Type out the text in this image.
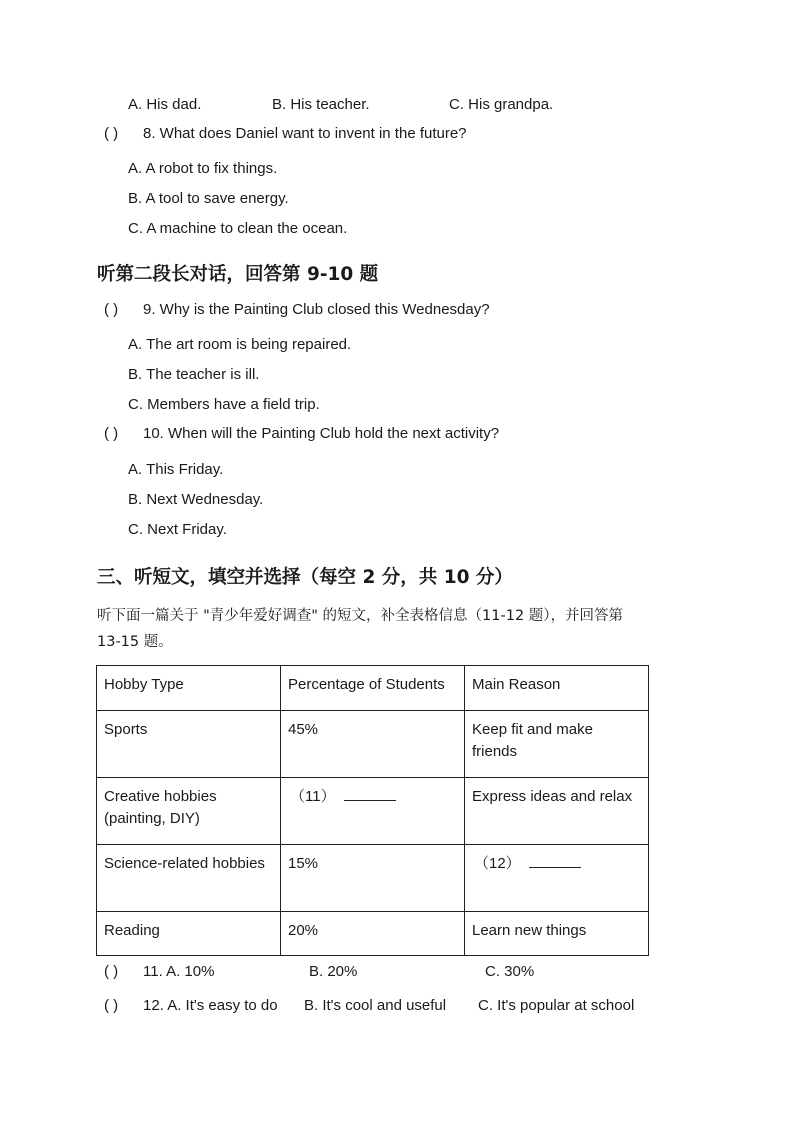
A. His dad.	B. His teacher.	C. His grandpa.
( ) 8. What does Daniel want to invent in the future?
A. A robot to fix things.
B. A tool to save energy.
C. A machine to clean the ocean.
听第二段长对话，回答第 9-10 题
( ) 9. Why is the Painting Club closed this Wednesday?
A. The art room is being repaired.
B. The teacher is ill.
C. Members have a field trip.
( ) 10. When will the Painting Club hold the next activity?
A. This Friday.
B. Next Wednesday.
C. Next Friday.
三、听短文，填空并选择（每空 2 分，共 10 分）
听下面一篇关于 "青少年爱好调查" 的短文，补全表格信息（11-12 题），并回答第
13-15 题。
Hobby Type	Percentage of Students	Main Reason
Sports	45%	Keep fit and make friends
Creative hobbies (painting, DIY)	（11）	Express ideas and relax
Science-related hobbies	15%	（12）
Reading	20%	Learn new things
( ) 11. A. 10%	B. 20%	C. 30%
( ) 12. A. It's easy to do B. It's cool and useful C. It's popular at school
